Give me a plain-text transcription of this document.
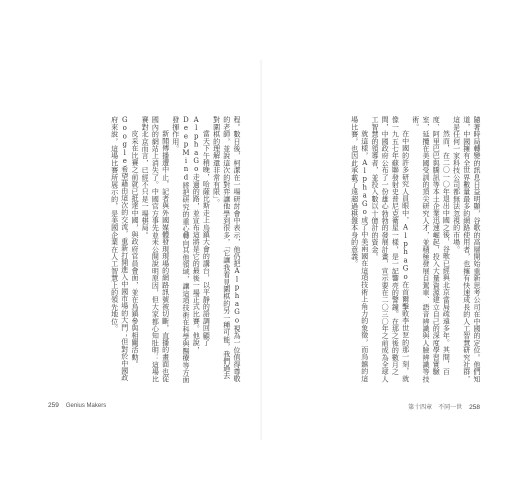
程。數日後，柯潔在一場研討會中表示，他仍把AlphaGo視為一位值得尊敬的老師，並說這次的對弈讓他學到很多，「它讓我看見圍棋的另一種可能，我們過去對圍棋的理解還非常有限」。

當天下午稍晚，哈薩比斯走上烏鎮大會的講台，以平靜的語調回顧了AlphaGo走過的路，並宣布這將是它的最後一場正式比賽。他說，DeepMind將把研究的重心轉向其他領域，讓這項技術在科學與醫療等方面發揮作用。

新聞傳播遭中止，記者與外國媒體發現現場的網路訊號被切斷，直播的畫面也從國內的網站上消失了。中國官方事先並未公開說明原因，但大家都心知肚明：這場比賽對北京而言，已經不只是一場棋局。

皮采在比賽之前就已抵達中國，與政府官員會面，並在烏鎮參與相關活動。Google希望藉由這次的交流，重新打開進入中國市場的大門；但對於中國政府來說，這場比賽所展示的，是美國企業在人工智慧上的領先地位。

259 Genius Makers

隨著時局轉變的訊息日益明顯，谷歌的高層開始重新思考公司在中國的定位。他們知道，中國擁有全世界數量最多的網路使用者，也擁有快速成長的人工智慧研究社群，這是任何一家科技公司都無法忽視的市場。

然而，在二〇一〇年退出中國之後，谷歌已經與北京當局疏遠多年。其間，百度、阿里巴巴與騰訊等本土企業迅速崛起，投入大量資源建立自己的深度學習實驗室，延攬在美國受訓的頂尖研究人才，並積極發展自駕車、語音辨識與人臉辨識等技術。

在中國的許多研究人員眼中，AlphaGo在首爾擊敗李世乭的那一刻，就像一九五七年蘇聯發射史普尼克衛星一樣，是一記響亮的警鐘。在那之後的數月之間，中國政府公布了一份雄心勃勃的發展計畫，宣示要在二〇三〇年之前成為全球人工智慧的領導者，並投入數以十億計的資金。

就這樣，AlphaGo成了中美兩國在這項技術上角力的象徵，而烏鎮的這場比賽，也因此承載了遠超過棋盤本身的意義。

第十四章　不同一世 258
